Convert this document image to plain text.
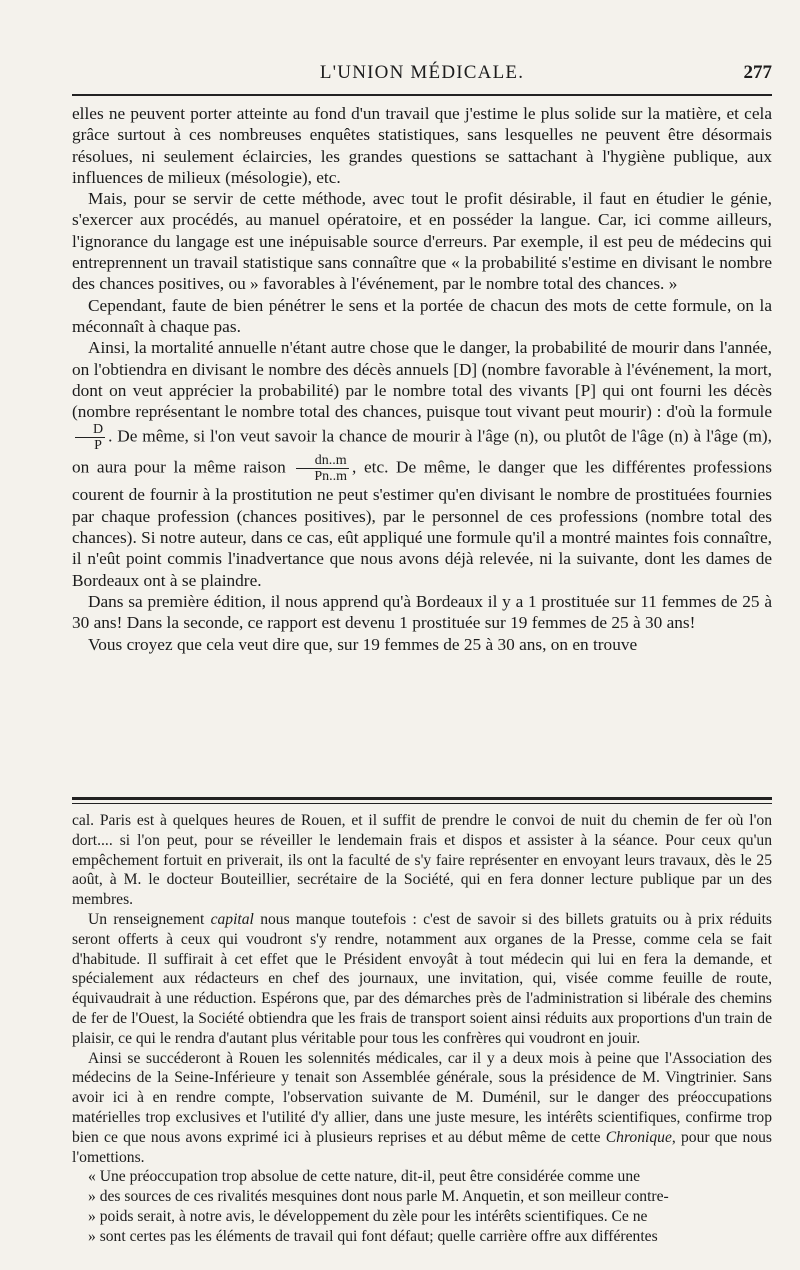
L'UNION MÉDICALE.	277

elles ne peuvent porter atteinte au fond d'un travail que j'estime le plus solide sur la matière, et cela grâce surtout à ces nombreuses enquêtes statistiques, sans lesquelles ne peuvent être désormais résolues, ni seulement éclaircies, les grandes questions se sattachant à l'hygiène publique, aux influences de milieux (mésologie), etc.

Mais, pour se servir de cette méthode, avec tout le profit désirable, il faut en étudier le génie, s'exercer aux procédés, au manuel opératoire, et en posséder la langue. Car, ici comme ailleurs, l'ignorance du langage est une inépuisable source d'erreurs. Par exemple, il est peu de médecins qui entreprennent un travail statistique sans connaître que « la probabilité s'estime en divisant le nombre des chances positives, ou » favorables à l'événement, par le nombre total des chances. »

Cependant, faute de bien pénétrer le sens et la portée de chacun des mots de cette formule, on la méconnaît à chaque pas.

Ainsi, la mortalité annuelle n'étant autre chose que le danger, la probabilité de mourir dans l'année, on l'obtiendra en divisant le nombre des décès annuels [D] (nombre favorable à l'événement, la mort, dont on veut apprécier la probabilité) par le nombre total des vivants [P] qui ont fourni les décès (nombre représentant le nombre total des chances, puisque tout vivant peut mourir) : d'où la formule
$\frac{D}{P}$ . De même, si l'on veut savoir la chance de mourir à l'âge (n), ou plutôt de l'âge (n) à l'âge (m), on aura pour la même raison $\frac{dn..m}{Pn..m}$ , etc. De même, le danger que les différentes professions courent de fournir à la prostitution ne peut s'estimer qu'en divisant le nombre de prostituées fournies par chaque profession (chances positives), par le personnel de ces professions (nombre total des chances). Si notre auteur, dans ce cas, eût appliqué une formule qu'il a montré maintes fois connaître, il n'eût point commis l'inadvertance que nous avons déjà relevée, ni la suivante, dont les dames de Bordeaux ont à se plaindre.

Dans sa première édition, il nous apprend qu'à Bordeaux il y a 1 prostituée sur 11 femmes de 25 à 30 ans! Dans la seconde, ce rapport est devenu 1 prostituée sur 19 femmes de 25 à 30 ans!

Vous croyez que cela veut dire que, sur 19 femmes de 25 à 30 ans, on en trouve

cal. Paris est à quelques heures de Rouen, et il suffit de prendre le convoi de nuit du chemin de fer où l'on dort.... si l'on peut, pour se réveiller le lendemain frais et dispos et assister à la séance. Pour ceux qu'un empêchement fortuit en priverait, ils ont la faculté de s'y faire représenter en envoyant leurs travaux, dès le 25 août, à M. le docteur Bouteillier, secrétaire de la Société, qui en fera donner lecture publique par un des membres.

Un renseignement capital nous manque toutefois : c'est de savoir si des billets gratuits ou à prix réduits seront offerts à ceux qui voudront s'y rendre, notamment aux organes de la Presse, comme cela se fait d'habitude. Il suffirait à cet effet que le Président envoyât à tout médecin qui lui en fera la demande, et spécialement aux rédacteurs en chef des journaux, une invitation, qui, visée comme feuille de route, équivaudrait à une réduction. Espérons que, par des démarches près de l'administration si libérale des chemins de fer de l'Ouest, la Société obtiendra que les frais de transport soient ainsi réduits aux proportions d'un train de plaisir, ce qui le rendra d'autant plus véritable pour tous les confrères qui voudront en jouir.

Ainsi se succéderont à Rouen les solennités médicales, car il y a deux mois à peine que l'Association des médecins de la Seine-Inférieure y tenait son Assemblée générale, sous la présidence de M. Vingtrinier. Sans avoir ici à en rendre compte, l'observation suivante de M. Duménil, sur le danger des préoccupations matérielles trop exclusives et l'utilité d'y allier, dans une juste mesure, les intérêts scientifiques, confirme trop bien ce que nous avons exprimé ici à plusieurs reprises et au début même de cette Chronique, pour que nous l'omettions.

« Une préoccupation trop absolue de cette nature, dit-il, peut être considérée comme une

» des sources de ces rivalités mesquines dont nous parle M. Anquetin, et son meilleur contre-

» poids serait, à notre avis, le développement du zèle pour les intérêts scientifiques. Ce ne

» sont certes pas les éléments de travail qui font défaut; quelle carrière offre aux différentes
